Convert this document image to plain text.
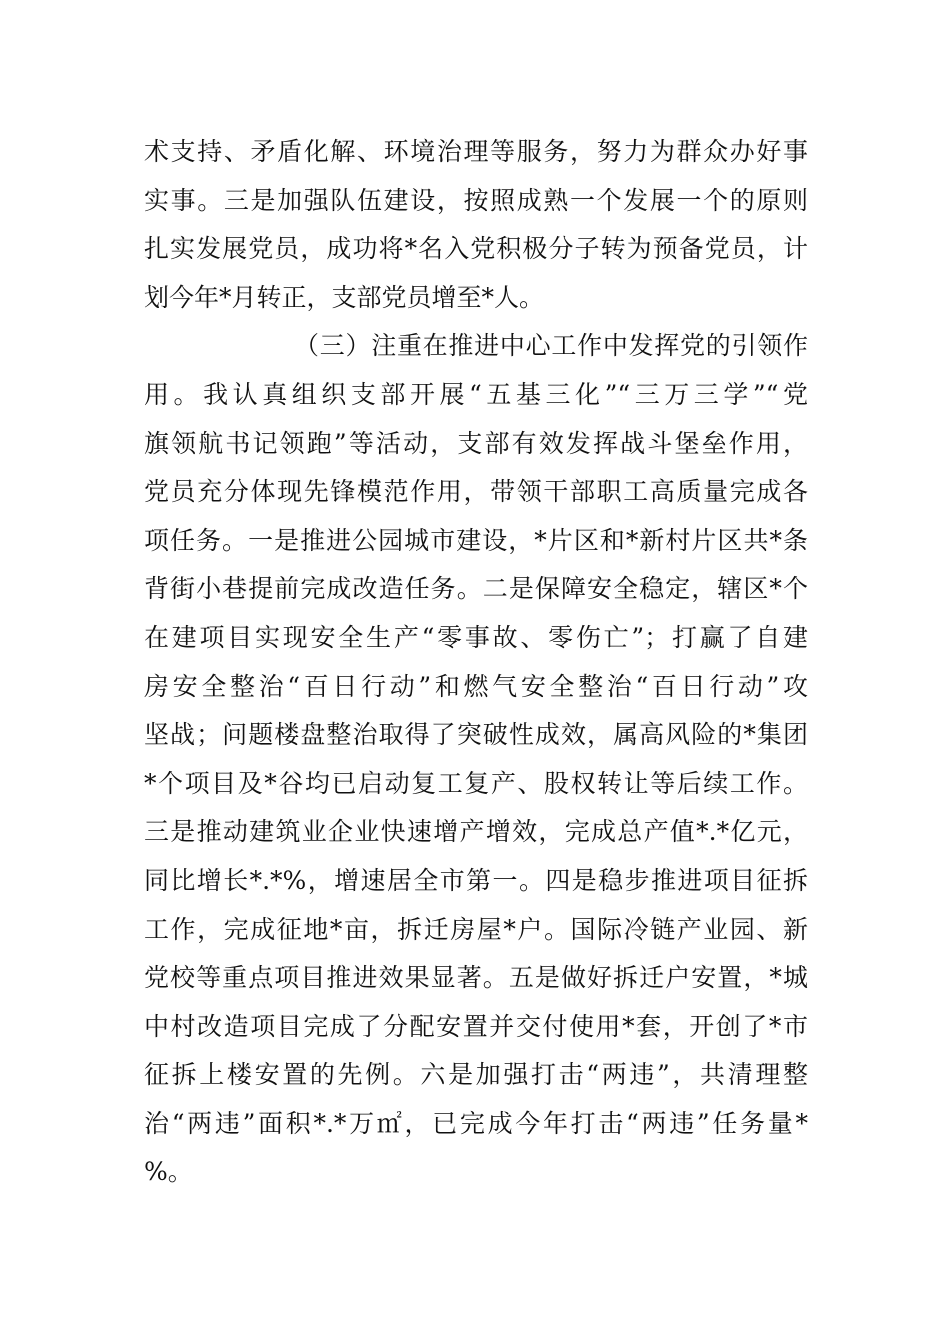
术支持、矛盾化解、环境治理等服务，努力为群众办好事
实事。三是加强队伍建设，按照成熟一个发展一个的原则
扎实发展党员，成功将*名入党积极分子转为预备党员，计
划今年*月转正，支部党员增至*人。
（三）注重在推进中心工作中发挥党的引领作
用。我认真组织支部开展“五基三化”“三万三学”“党
旗领航书记领跑”等活动，支部有效发挥战斗堡垒作用，
党员充分体现先锋模范作用，带领干部职工高质量完成各
项任务。一是推进公园城市建设，*片区和*新村片区共*条
背街小巷提前完成改造任务。二是保障安全稳定，辖区*个
在建项目实现安全生产“零事故、零伤亡”；打赢了自建
房安全整治“百日行动”和燃气安全整治“百日行动”攻
坚战；问题楼盘整治取得了突破性成效，属高风险的*集团
*个项目及*谷均已启动复工复产、股权转让等后续工作。
三是推动建筑业企业快速增产增效，完成总产值*.*亿元，
同比增长*.*%，增速居全市第一。四是稳步推进项目征拆
工作，完成征地*亩，拆迁房屋*户。国际冷链产业园、新
党校等重点项目推进效果显著。五是做好拆迁户安置，*城
中村改造项目完成了分配安置并交付使用*套，开创了*市
征拆上楼安置的先例。六是加强打击“两违”，共清理整
治“两违”面积*.*万㎡，已完成今年打击“两违”任务量*
%。
